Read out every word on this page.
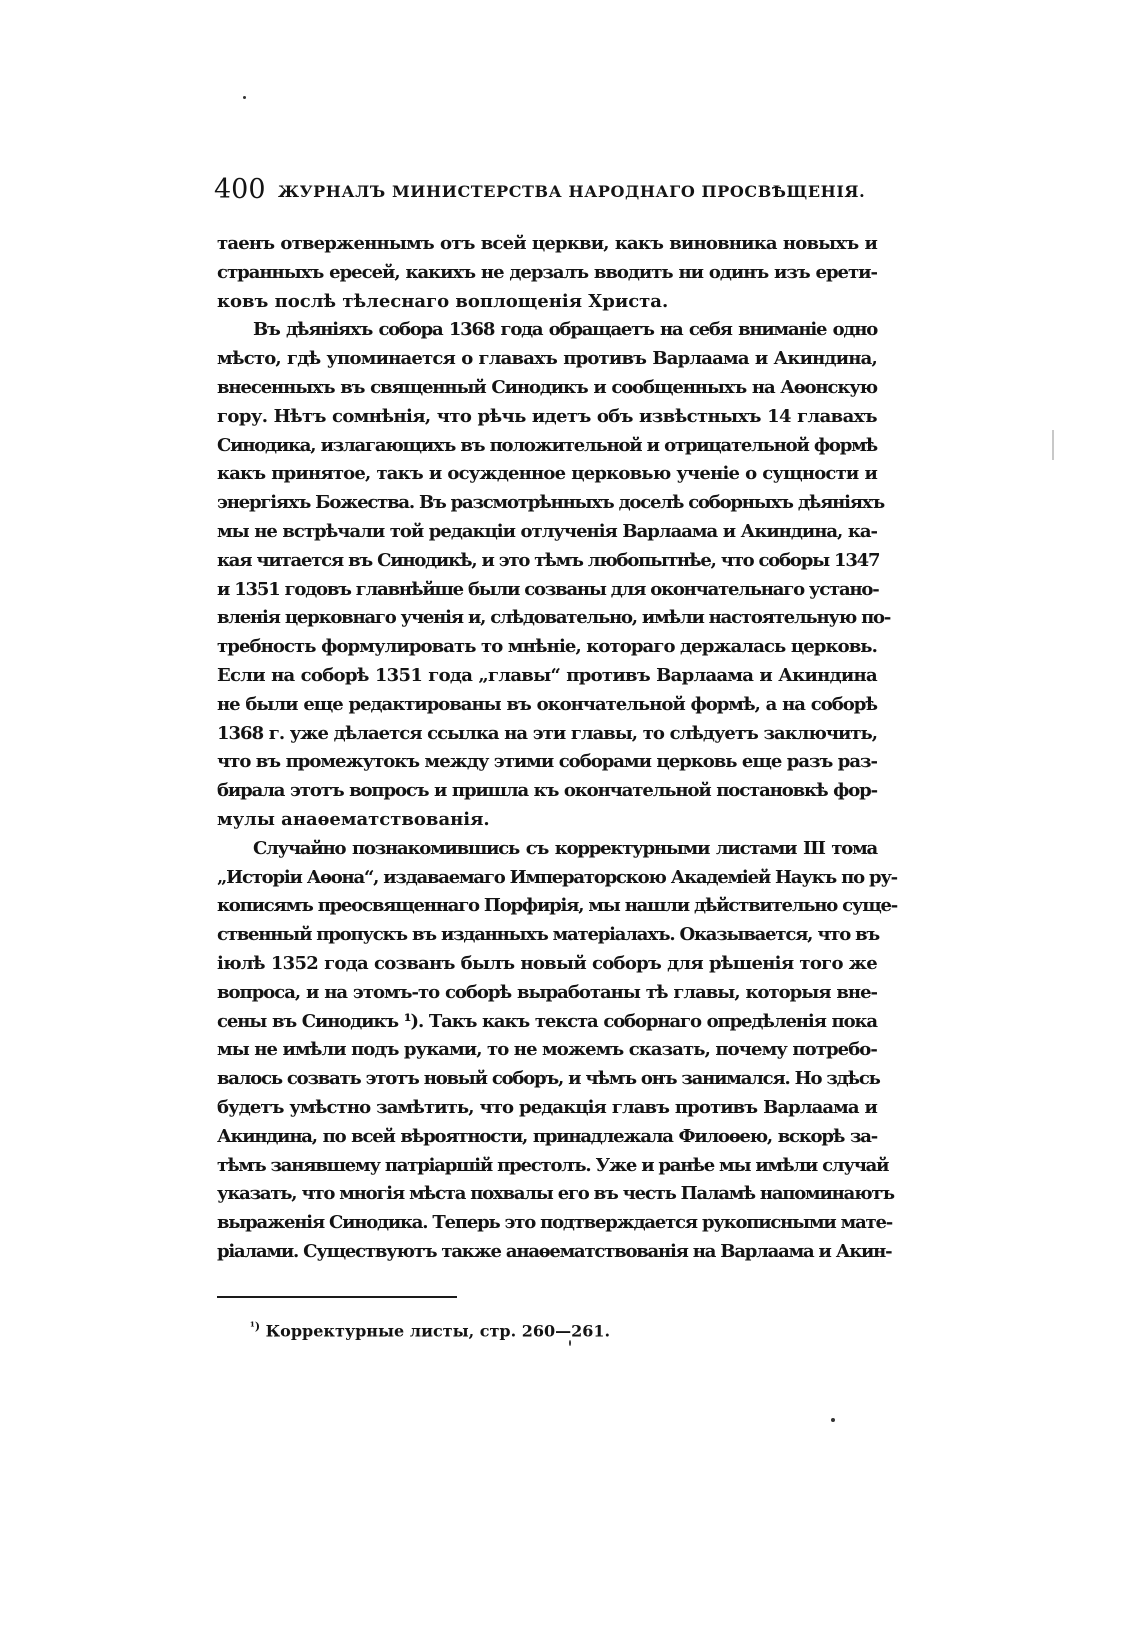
400 ЖУРНАЛЪ МИНИСТЕРСТВА НАРОДНАГО ПРОСВѢЩЕНІЯ.
таенъ отверженнымъ отъ всей церкви, какъ виновника новыхъ и
странныхъ ересей, какихъ не дерзалъ вводить ни одинъ изъ ерети-
ковъ послѣ тѣлеснаго воплощенія Христа.
Въ дѣяніяхъ собора 1368 года обращаетъ на себя вниманіе одно
мѣсто, гдѣ упоминается о главахъ противъ Варлаама и Акиндина,
внесенныхъ въ священный Синодикъ и сообщенныхъ на Аѳонскую
гору. Нѣтъ сомнѣнія, что рѣчь идетъ объ извѣстныхъ 14 главахъ
Синодика, излагающихъ въ положительной и отрицательной формѣ
какъ принятое, такъ и осужденное церковью ученіе о сущности и
энергіяхъ Божества. Въ разсмотрѣнныхъ доселѣ соборныхъ дѣяніяхъ
мы не встрѣчали той редакціи отлученія Варлаама и Акиндина, ка-
кая читается въ Синодикѣ, и это тѣмъ любопытнѣе, что соборы 1347
и 1351 годовъ главнѣйше были созваны для окончательнаго устано-
вленія церковнаго ученія и, слѣдовательно, имѣли настоятельную по-
требность формулировать то мнѣніе, котораго держалась церковь.
Если на соборѣ 1351 года „главы“ противъ Варлаама и Акиндина
не были еще редактированы въ окончательной формѣ, а на соборѣ
1368 г. уже дѣлается ссылка на эти главы, то слѣдуетъ заключить,
что въ промежутокъ между этими соборами церковь еще разъ раз-
бирала этотъ вопросъ и пришла къ окончательной постановкѣ фор-
мулы анаѳематствованія.
Случайно познакомившись съ корректурными листами III тома
„Исторіи Аѳона“, издаваемаго Императорскою Академіей Наукъ по ру-
кописямъ преосвященнаго Порфирія, мы нашли дѣйствительно суще-
ственный пропускъ въ изданныхъ матеріалахъ. Оказывается, что въ
іюлѣ 1352 года созванъ былъ новый соборъ для рѣшенія того же
вопроса, и на этомъ-то соборѣ выработаны тѣ главы, которыя вне-
сены въ Синодикъ ¹). Такъ какъ текста соборнаго опредѣленія пока
мы не имѣли подъ руками, то не можемъ сказать, почему потребо-
валось созвать этотъ новый соборъ, и чѣмъ онъ занимался. Но здѣсь
будетъ умѣстно замѣтить, что редакція главъ противъ Варлаама и
Акиндина, по всей вѣроятности, принадлежала Филоѳею, вскорѣ за-
тѣмъ занявшему патріаршій престолъ. Уже и ранѣе мы имѣли случай
указать, что многія мѣста похвалы его въ честь Паламѣ напоминаютъ
выраженія Синодика. Теперь это подтверждается рукописными мате-
ріалами. Существуютъ также анаѳематствованія на Варлаама и Акин-
$^{^1)}$ Корректурные листы, стр. 260—261.
